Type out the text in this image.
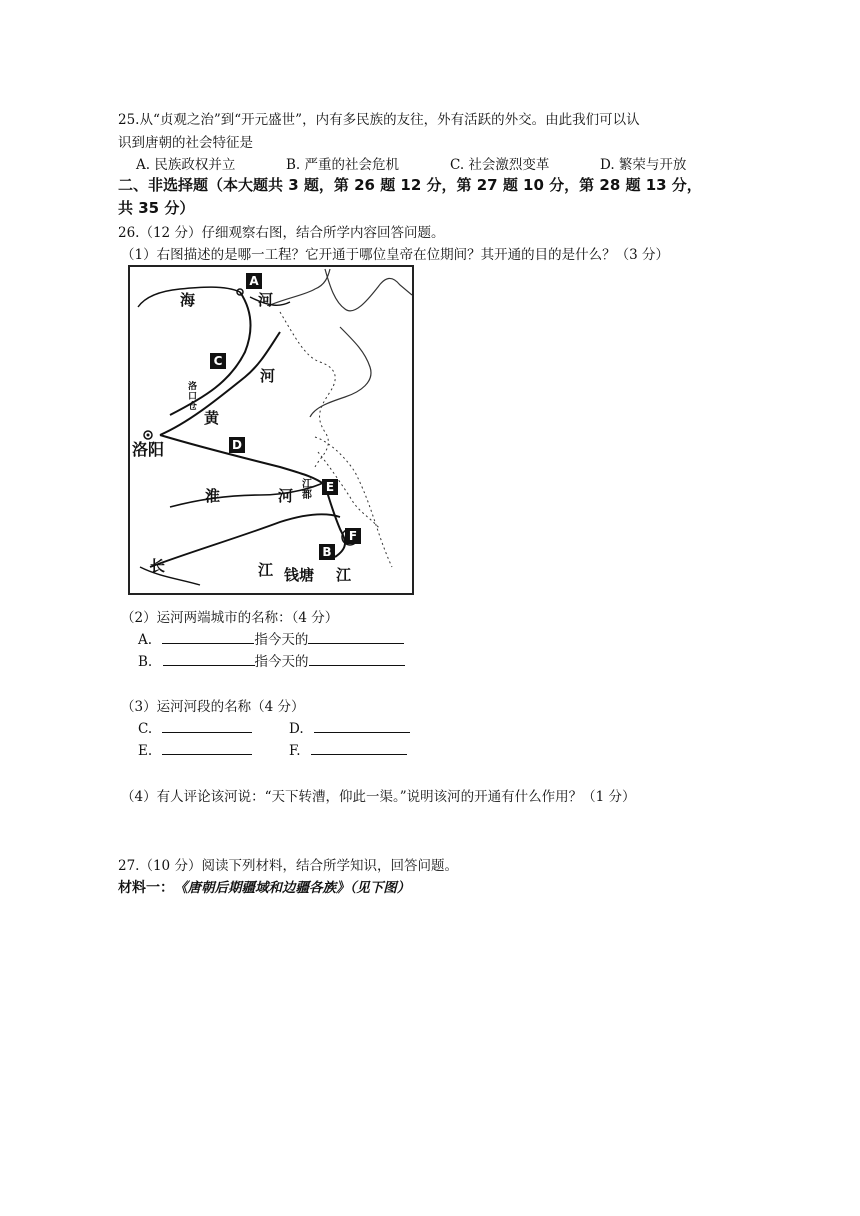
25.从“贞观之治”到“开元盛世”，内有多民族的友往，外有活跃的外交。由此我们可以认
识到唐朝的社会特征是
A. 民族政权并立	B. 严重的社会危机	C. 社会激烈变革	D. 繁荣与开放
二、非选择题（本大题共 3 题，第 26 题 12 分，第 27 题 10 分，第 28 题 13 分，
共 35 分）
26.（12 分）仔细观察右图，结合所学内容回答问题。
（1）右图描述的是哪一工程？它开通于哪位皇帝在位期间？其开通的目的是什么？（3 分）
海	河
河
黄
洛阳
淮	河
江都
长	江 钱塘 江
洛口仓
A
B
C
D
E
F
（2）运河两端城市的名称：（4 分）
A.	指今天的
B.	指今天的
（3）运河河段的名称（4 分）
C.	D.
E.	F.
（4）有人评论该河说：“天下转漕，仰此一渠。”说明该河的开通有什么作用？（1 分）
27.（10 分）阅读下列材料，结合所学知识，回答问题。
材料一：《唐朝后期疆域和边疆各族》（见下图）
